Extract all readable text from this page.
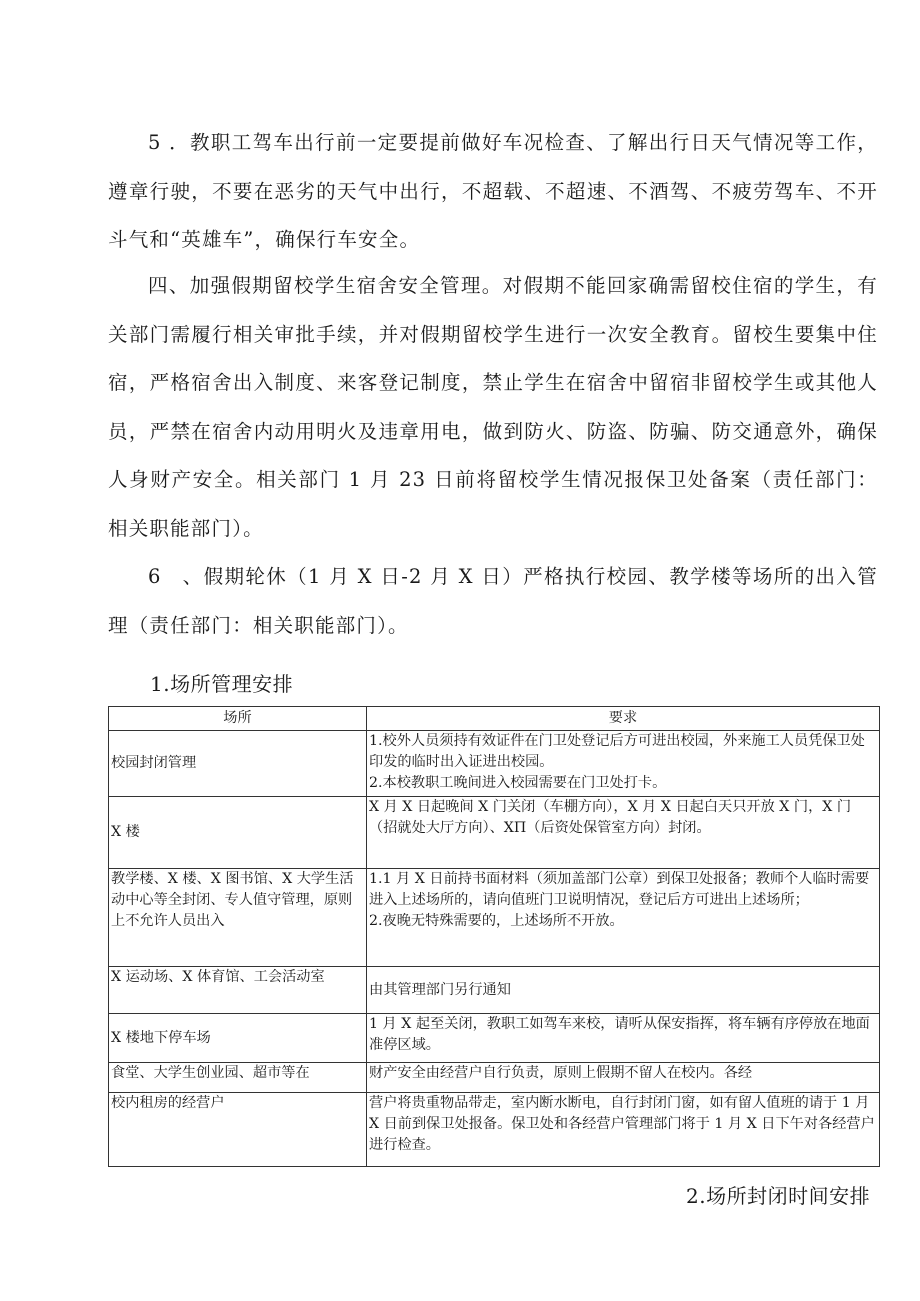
5 ．教职工驾车出行前一定要提前做好车况检查、了解出行日天气情况等工作，遵章行驶，不要在恶劣的天气中出行，不超载、不超速、不酒驾、不疲劳驾车、不开斗气和“英雄车”，确保行车安全。

四、加强假期留校学生宿舍安全管理。对假期不能回家确需留校住宿的学生，有关部门需履行相关审批手续，并对假期留校学生进行一次安全教育。留校生要集中住宿，严格宿舍出入制度、来客登记制度，禁止学生在宿舍中留宿非留校学生或其他人员，严禁在宿舍内动用明火及违章用电，做到防火、防盗、防骗、防交通意外，确保人身财产安全。相关部门 1 月 23 日前将留校学生情况报保卫处备案（责任部门：相关职能部门）。

6　、假期轮休（1 月 X 日-2 月 X 日）严格执行校园、教学楼等场所的出入管理（责任部门：相关职能部门）。

1.场所管理安排
场所	要求
校园封闭管理	1.校外人员须持有效证件在门卫处登记后方可进出校园，外来施工人员凭保卫处印发的临时出入证进出校园。
2.本校教职工晚间进入校园需要在门卫处打卡。

X 楼	X 月 X 日起晚间 X 门关闭（车棚方向），X 月 X 日起白天只开放 X 门，X 门（招就处大厅方向）、XΠ（后资处保管室方向）封闭。

教学楼、X 楼、X 图书馆、X 大学生活动中心等全封闭、专人值守管理，原则上不允许人员出入	1.1 月 X 日前持书面材料（须加盖部门公章）到保卫处报备；教师个人临时需要进入上述场所的，请向值班门卫说明情况，登记后方可进出上述场所；
2.夜晚无特殊需要的，上述场所不开放。

X 运动场、X 体育馆、工会活动室	由其管理部门另行通知

X 楼地下停车场	1 月 X 起至关闭，教职工如驾车来校，请听从保安指挥，将车辆有序停放在地面准停区域。

食堂、大学生创业园、超市等在	财产安全由经营户自行负责，原则上假期不留人在校内。各经

校内租房的经营户	营户将贵重物品带走，室内断水断电，自行封闭门窗，如有留人值班的请于 1 月 X 日前到保卫处报备。保卫处和各经营户管理部门将于 1 月 X 日下午对各经营户进行检查。
2.场所封闭时间安排
